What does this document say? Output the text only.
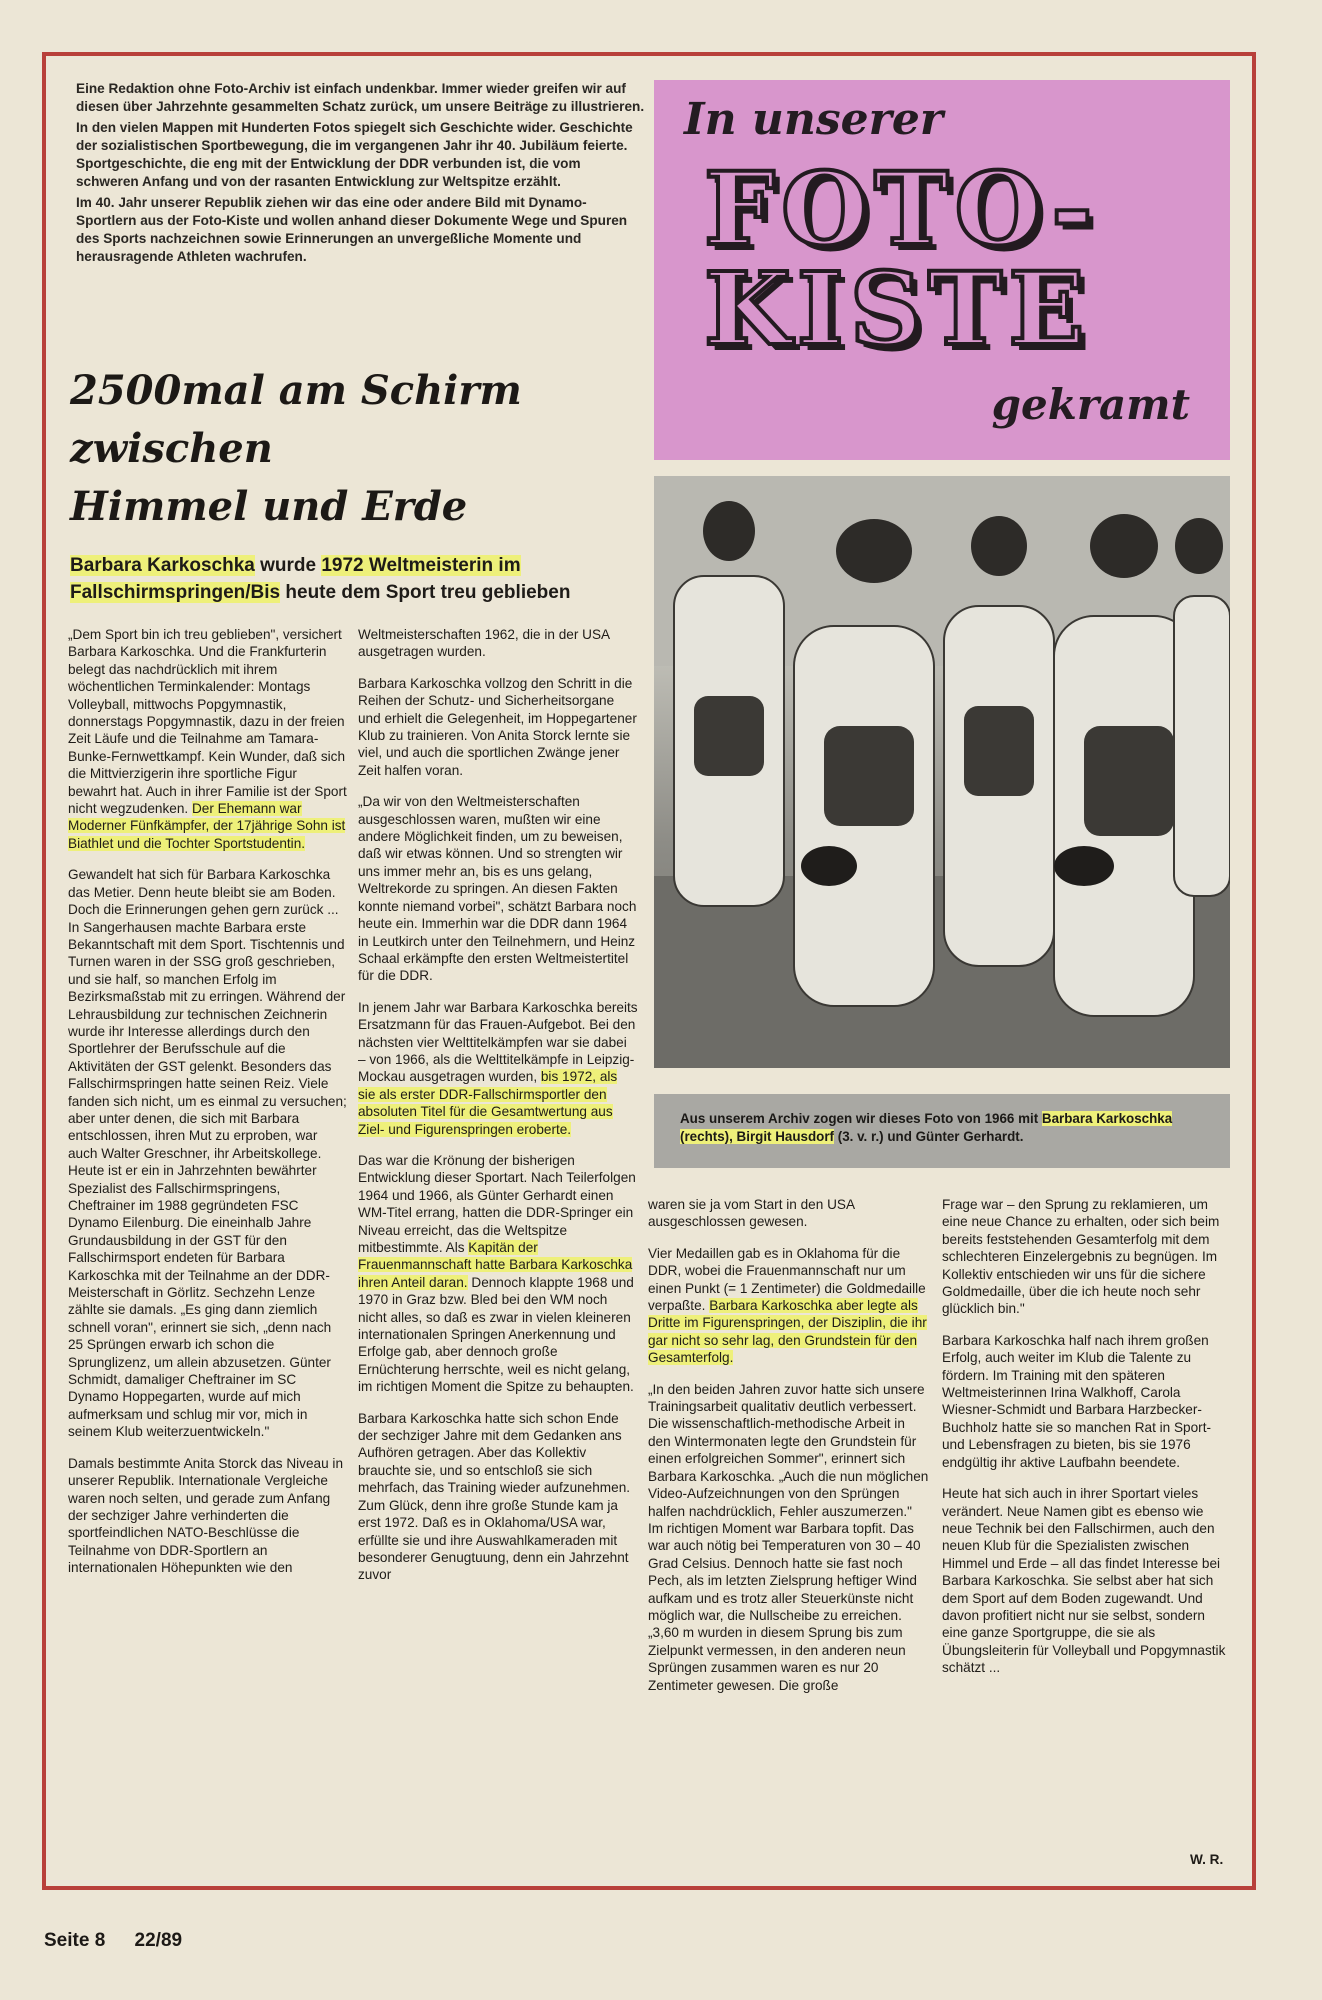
Eine Redaktion ohne Foto-Archiv ist einfach undenkbar. Immer wieder greifen wir auf diesen über Jahrzehnte gesammelten Schatz zurück, um unsere Beiträge zu illustrieren.

In den vielen Mappen mit Hunderten Fotos spiegelt sich Geschichte wider. Geschichte der sozialistischen Sportbewegung, die im vergangenen Jahr ihr 40. Jubiläum feierte. Sportgeschichte, die eng mit der Entwicklung der DDR verbunden ist, die vom schweren Anfang und von der rasanten Entwicklung zur Weltspitze erzählt.

Im 40. Jahr unserer Republik ziehen wir das eine oder andere Bild mit Dynamo-Sportlern aus der Foto-Kiste und wollen anhand dieser Dokumente Wege und Spuren des Sports nachzeichnen sowie Erinnerungen an unvergeßliche Momente und herausragende Athleten wachrufen.

In unserer
FOTO-
KISTE
gekramt
2500mal am Schirm
zwischen
Himmel und Erde
Barbara Karkoschka wurde 1972 Weltmeisterin im Fallschirmspringen/Bis heute dem Sport treu geblieben

„Dem Sport bin ich treu geblieben", versichert Barbara Karkoschka. Und die Frankfurterin belegt das nachdrücklich mit ihrem wöchentlichen Terminkalender: Montags Volleyball, mittwochs Popgymnastik, donnerstags Popgymnastik, dazu in der freien Zeit Läufe und die Teilnahme am Tamara-Bunke-Fernwettkampf. Kein Wunder, daß sich die Mittvierzigerin ihre sportliche Figur bewahrt hat. Auch in ihrer Familie ist der Sport nicht wegzudenken. Der Ehemann war Moderner Fünfkämpfer, der 17jährige Sohn ist Biathlet und die Tochter Sportstudentin.

Gewandelt hat sich für Barbara Karkoschka das Metier. Denn heute bleibt sie am Boden. Doch die Erinnerungen gehen gern zurück ... In Sangerhausen machte Barbara erste Bekanntschaft mit dem Sport. Tischtennis und Turnen waren in der SSG groß geschrieben, und sie half, so manchen Erfolg im Bezirksmaßstab mit zu erringen. Während der Lehrausbildung zur technischen Zeichnerin wurde ihr Interesse allerdings durch den Sportlehrer der Berufsschule auf die Aktivitäten der GST gelenkt. Besonders das Fallschirmspringen hatte seinen Reiz. Viele fanden sich nicht, um es einmal zu versuchen; aber unter denen, die sich mit Barbara entschlossen, ihren Mut zu erproben, war auch Walter Greschner, ihr Arbeitskollege. Heute ist er ein in Jahrzehnten bewährter Spezialist des Fallschirmspringens, Cheftrainer im 1988 gegründeten FSC Dynamo Eilenburg. Die eineinhalb Jahre Grundausbildung in der GST für den Fallschirmsport endeten für Barbara Karkoschka mit der Teilnahme an der DDR-Meisterschaft in Görlitz. Sechzehn Lenze zählte sie damals. „Es ging dann ziemlich schnell voran", erinnert sie sich, „denn nach 25 Sprüngen erwarb ich schon die Sprunglizenz, um allein abzusetzen. Günter Schmidt, damaliger Cheftrainer im SC Dynamo Hoppegarten, wurde auf mich aufmerksam und schlug mir vor, mich in seinem Klub weiterzuentwickeln."

Damals bestimmte Anita Storck das Niveau in unserer Republik. Internationale Vergleiche waren noch selten, und gerade zum Anfang der sechziger Jahre verhinderten die sportfeindlichen NATO-Beschlüsse die Teilnahme von DDR-Sportlern an internationalen Höhepunkten wie den

Weltmeisterschaften 1962, die in der USA ausgetragen wurden.

Barbara Karkoschka vollzog den Schritt in die Reihen der Schutz- und Sicherheitsorgane und erhielt die Gelegenheit, im Hoppegartener Klub zu trainieren. Von Anita Storck lernte sie viel, und auch die sportlichen Zwänge jener Zeit halfen voran.

„Da wir von den Weltmeisterschaften ausgeschlossen waren, mußten wir eine andere Möglichkeit finden, um zu beweisen, daß wir etwas können. Und so strengten wir uns immer mehr an, bis es uns gelang, Weltrekorde zu springen. An diesen Fakten konnte niemand vorbei", schätzt Barbara noch heute ein. Immerhin war die DDR dann 1964 in Leutkirch unter den Teilnehmern, und Heinz Schaal erkämpfte den ersten Weltmeistertitel für die DDR.

In jenem Jahr war Barbara Karkoschka bereits Ersatzmann für das Frauen-Aufgebot. Bei den nächsten vier Welttitelkämpfen war sie dabei – von 1966, als die Welttitelkämpfe in Leipzig-Mockau ausgetragen wurden, bis 1972, als sie als erster DDR-Fallschirmsportler den absoluten Titel für die Gesamtwertung aus Ziel- und Figurenspringen eroberte.

Das war die Krönung der bisherigen Entwicklung dieser Sportart. Nach Teilerfolgen 1964 und 1966, als Günter Gerhardt einen WM-Titel errang, hatten die DDR-Springer ein Niveau erreicht, das die Weltspitze mitbestimmte. Als Kapitän der Frauenmannschaft hatte Barbara Karkoschka ihren Anteil daran. Dennoch klappte 1968 und 1970 in Graz bzw. Bled bei den WM noch nicht alles, so daß es zwar in vielen kleineren internationalen Springen Anerkennung und Erfolge gab, aber dennoch große Ernüchterung herrschte, weil es nicht gelang, im richtigen Moment die Spitze zu behaupten.

Barbara Karkoschka hatte sich schon Ende der sechziger Jahre mit dem Gedanken ans Aufhören getragen. Aber das Kollektiv brauchte sie, und so entschloß sie sich mehrfach, das Training wieder aufzunehmen. Zum Glück, denn ihre große Stunde kam ja erst 1972. Daß es in Oklahoma/USA war, erfüllte sie und ihre Auswahlkameraden mit besonderer Genugtuung, denn ein Jahrzehnt zuvor

Aus unserem Archiv zogen wir dieses Foto von 1966 mit Barbara Karkoschka (rechts), Birgit Hausdorf (3. v. r.) und Günter Gerhardt.

waren sie ja vom Start in den USA ausgeschlossen gewesen.

Vier Medaillen gab es in Oklahoma für die DDR, wobei die Frauenmannschaft nur um einen Punkt (= 1 Zentimeter) die Goldmedaille verpaßte. Barbara Karkoschka aber legte als Dritte im Figurenspringen, der Disziplin, die ihr gar nicht so sehr lag, den Grundstein für den Gesamterfolg.

„In den beiden Jahren zuvor hatte sich unsere Trainingsarbeit qualitativ deutlich verbessert. Die wissenschaftlich-methodische Arbeit in den Wintermonaten legte den Grundstein für einen erfolgreichen Sommer", erinnert sich Barbara Karkoschka. „Auch die nun möglichen Video-Aufzeichnungen von den Sprüngen halfen nachdrücklich, Fehler auszumerzen." Im richtigen Moment war Barbara topfit. Das war auch nötig bei Temperaturen von 30 – 40 Grad Celsius. Dennoch hatte sie fast noch Pech, als im letzten Zielsprung heftiger Wind aufkam und es trotz aller Steuerkünste nicht möglich war, die Nullscheibe zu erreichen. „3,60 m wurden in diesem Sprung bis zum Zielpunkt vermessen, in den anderen neun Sprüngen zusammen waren es nur 20 Zentimeter gewesen. Die große

Frage war – den Sprung zu reklamieren, um eine neue Chance zu erhalten, oder sich beim bereits feststehenden Gesamterfolg mit dem schlechteren Einzelergebnis zu begnügen. Im Kollektiv entschieden wir uns für die sichere Goldmedaille, über die ich heute noch sehr glücklich bin."

Barbara Karkoschka half nach ihrem großen Erfolg, auch weiter im Klub die Talente zu fördern. Im Training mit den späteren Weltmeisterinnen Irina Walkhoff, Carola Wiesner-Schmidt und Barbara Harzbecker-Buchholz hatte sie so manchen Rat in Sport- und Lebensfragen zu bieten, bis sie 1976 endgültig ihr aktive Laufbahn beendete.

Heute hat sich auch in ihrer Sportart vieles verändert. Neue Namen gibt es ebenso wie neue Technik bei den Fallschirmen, auch den neuen Klub für die Spezialisten zwischen Himmel und Erde – all das findet Interesse bei Barbara Karkoschka. Sie selbst aber hat sich dem Sport auf dem Boden zugewandt. Und davon profitiert nicht nur sie selbst, sondern eine ganze Sportgruppe, die sie als Übungsleiterin für Volleyball und Popgymnastik schätzt ...

W. R.
Seite 8 22/89
